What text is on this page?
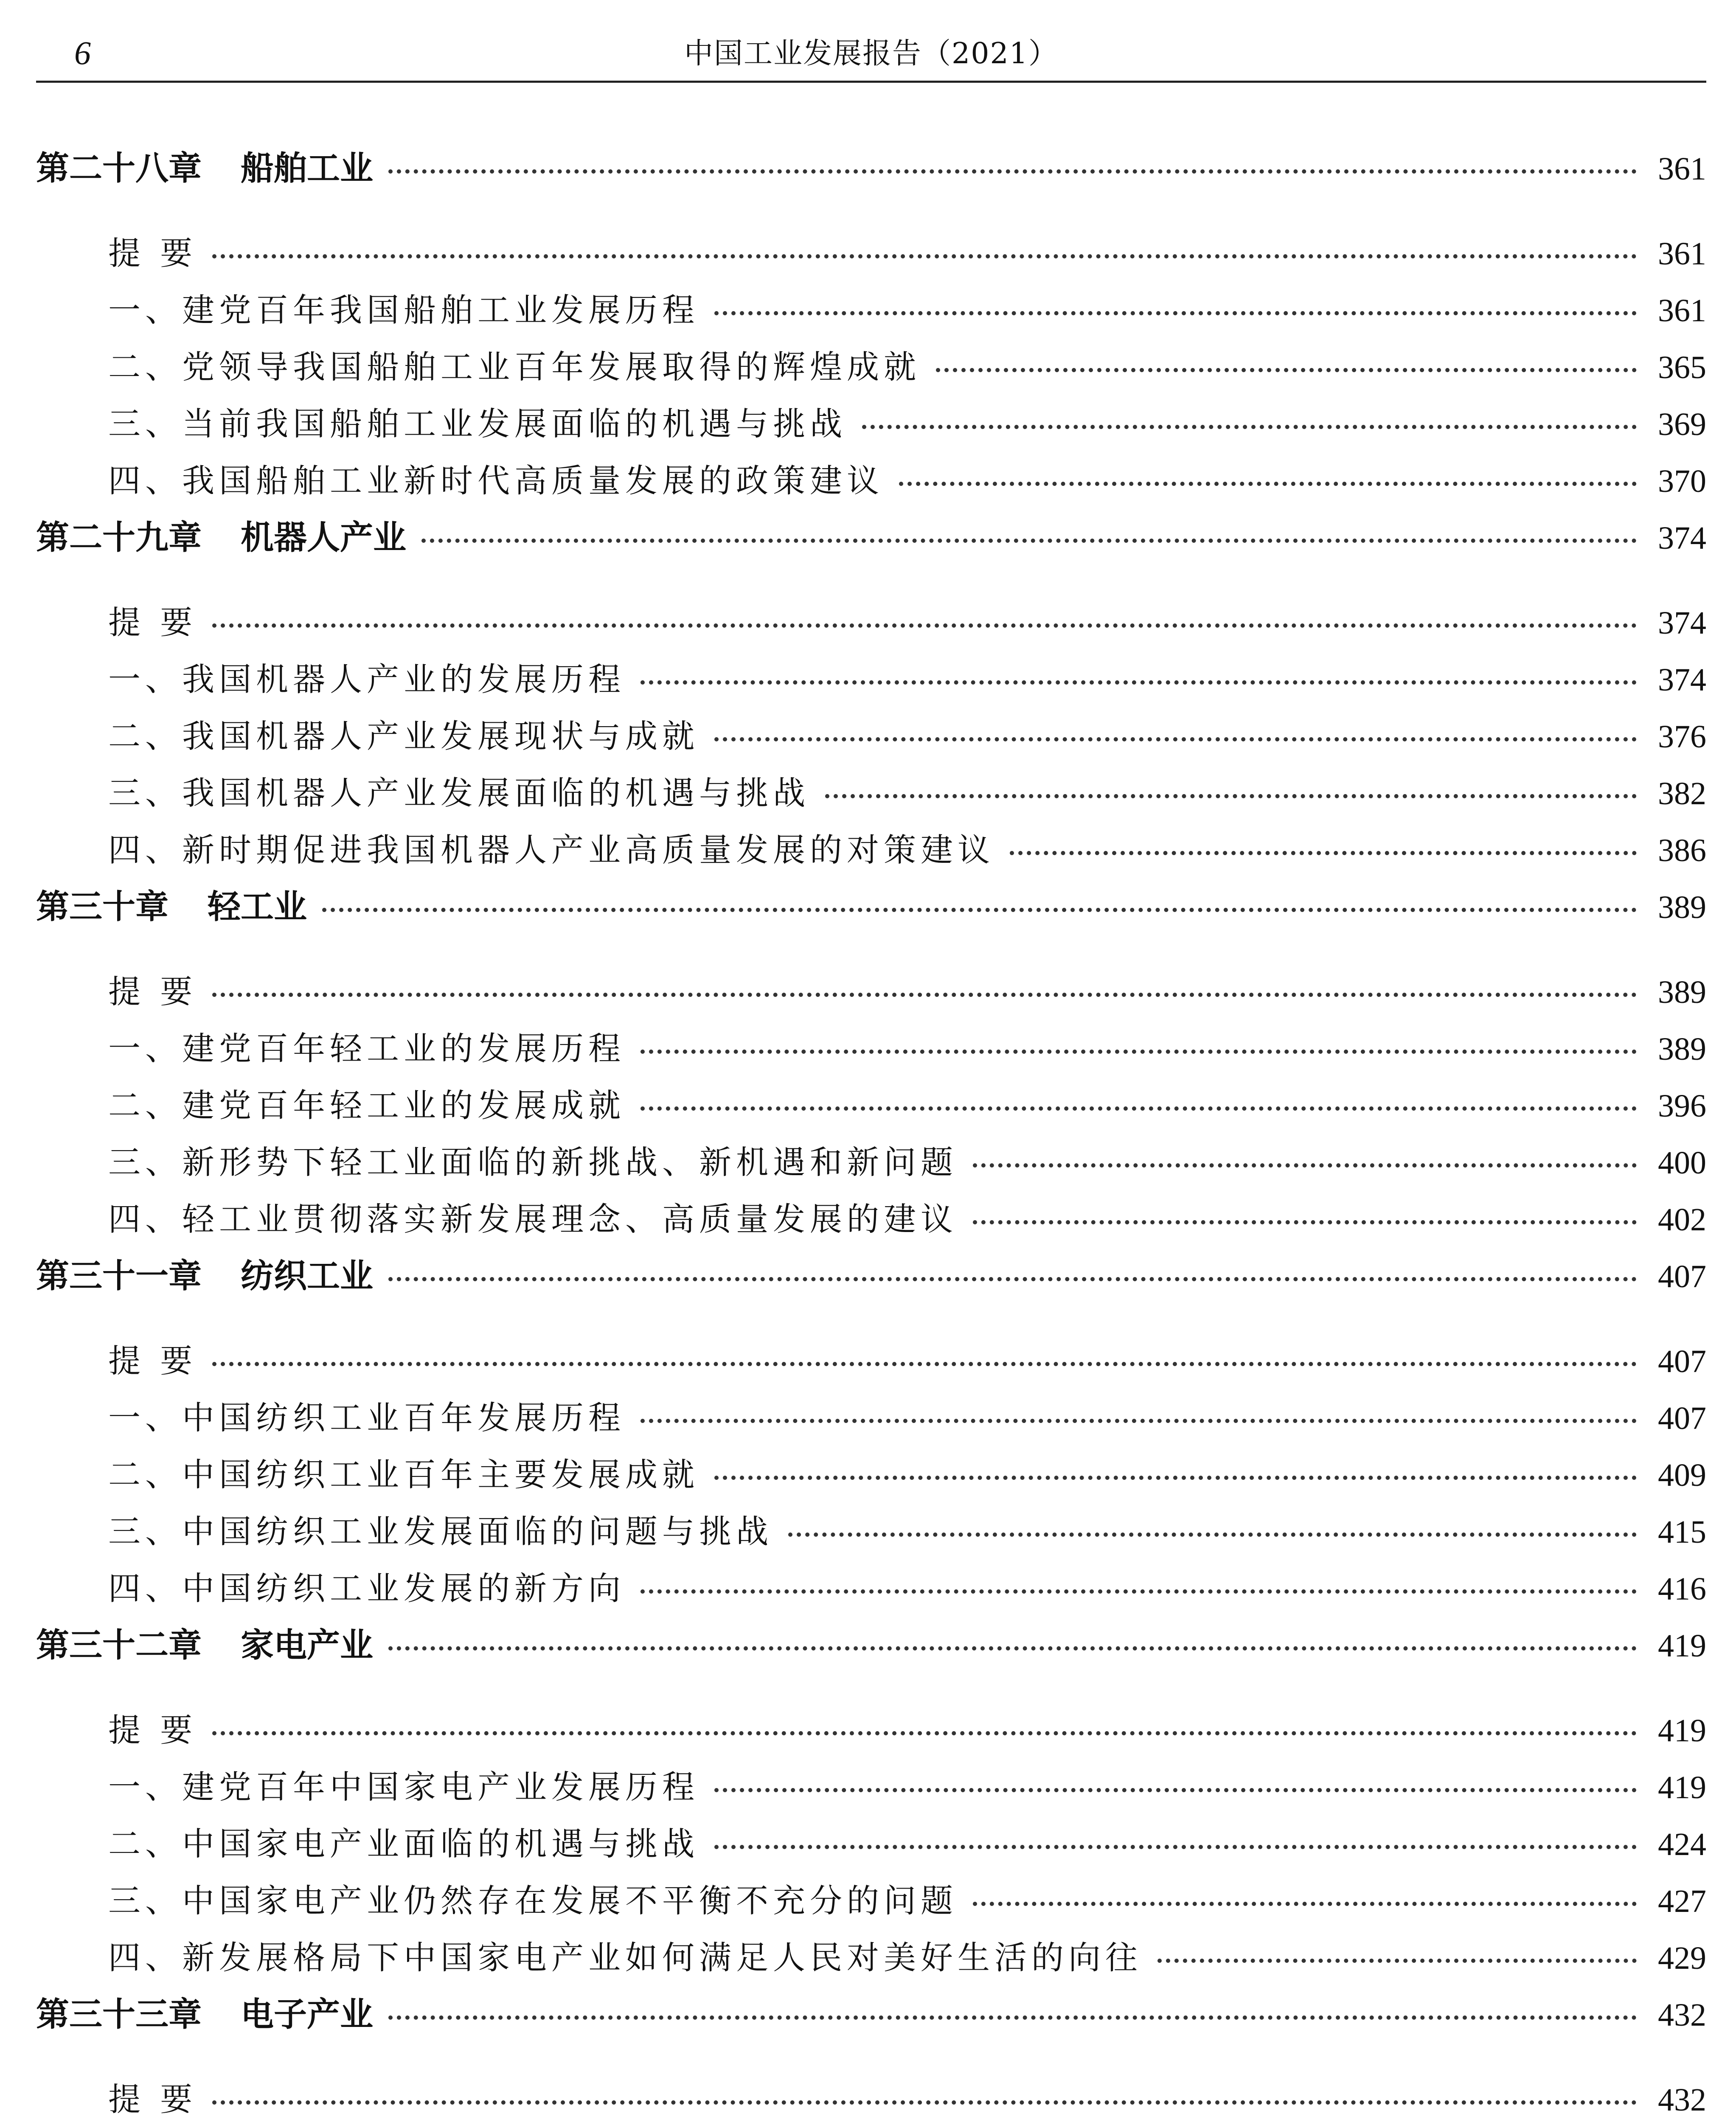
6	中国工业发展报告（2021）
第二十八章 船舶工业	361
提 要	361
一、建党百年我国船舶工业发展历程	361
二、党领导我国船舶工业百年发展取得的辉煌成就	365
三、当前我国船舶工业发展面临的机遇与挑战	369
四、我国船舶工业新时代高质量发展的政策建议	370
第二十九章 机器人产业	374
提 要	374
一、我国机器人产业的发展历程	374
二、我国机器人产业发展现状与成就	376
三、我国机器人产业发展面临的机遇与挑战	382
四、新时期促进我国机器人产业高质量发展的对策建议	386
第三十章 轻工业	389
提 要	389
一、建党百年轻工业的发展历程	389
二、建党百年轻工业的发展成就	396
三、新形势下轻工业面临的新挑战、新机遇和新问题	400
四、轻工业贯彻落实新发展理念、高质量发展的建议	402
第三十一章 纺织工业	407
提 要	407
一、中国纺织工业百年发展历程	407
二、中国纺织工业百年主要发展成就	409
三、中国纺织工业发展面临的问题与挑战	415
四、中国纺织工业发展的新方向	416
第三十二章 家电产业	419
提 要	419
一、建党百年中国家电产业发展历程	419
二、中国家电产业面临的机遇与挑战	424
三、中国家电产业仍然存在发展不平衡不充分的问题	427
四、新发展格局下中国家电产业如何满足人民对美好生活的向往	429
第三十三章 电子产业	432
提 要	432
